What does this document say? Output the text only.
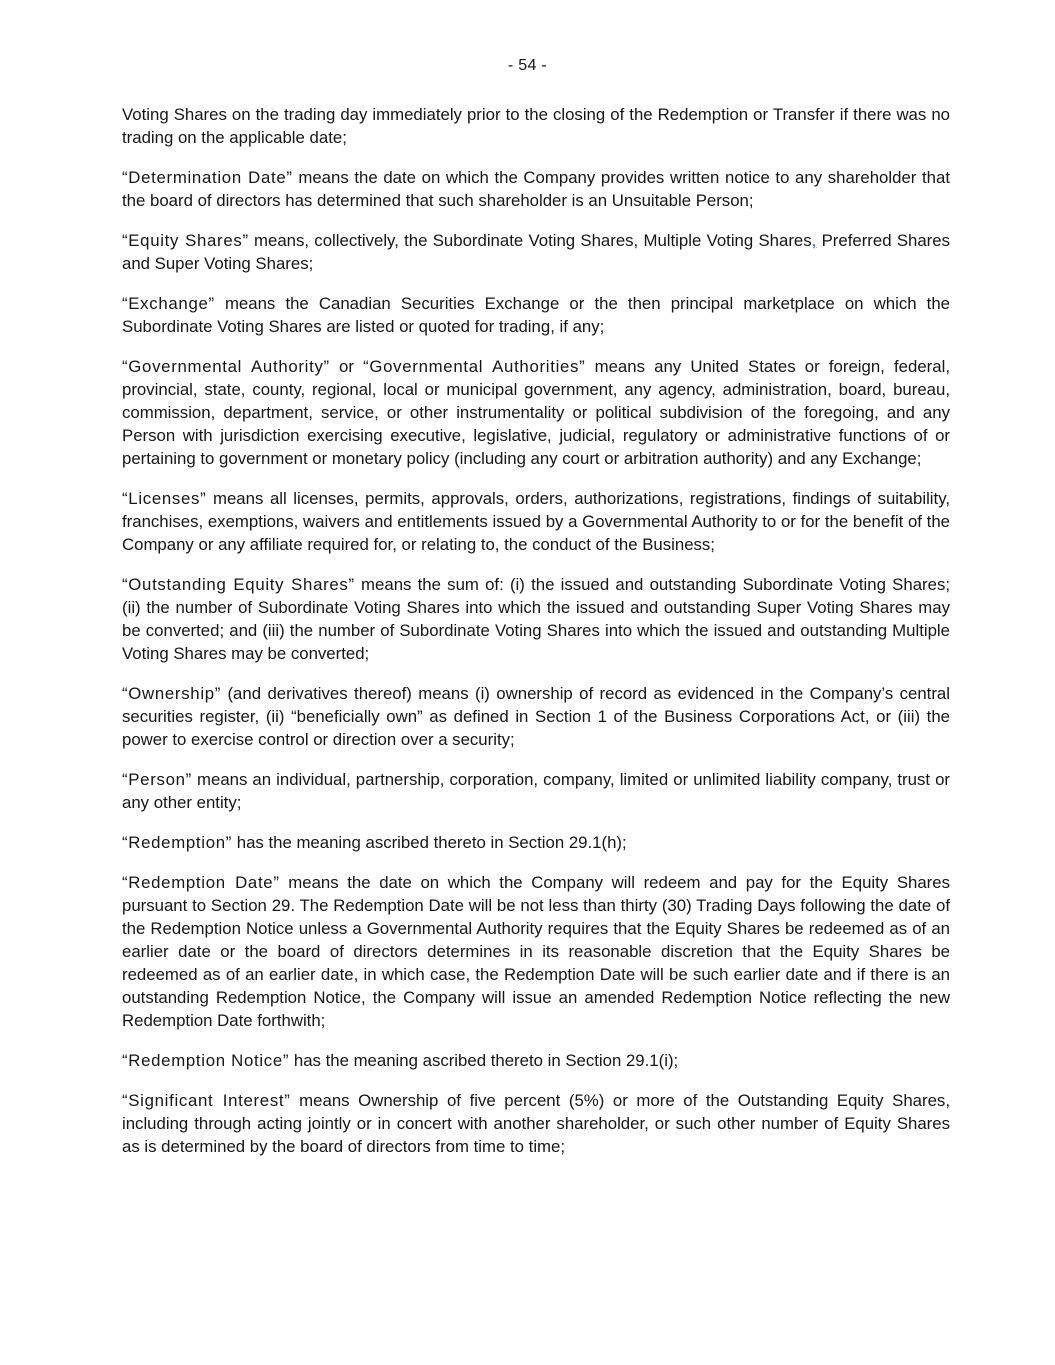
- 54 -

Voting Shares on the trading day immediately prior to the closing of the Redemption or Transfer if there was no trading on the applicable date;

“Determination Date” means the date on which the Company provides written notice to any shareholder that the board of directors has determined that such shareholder is an Unsuitable Person;

“Equity Shares” means, collectively, the Subordinate Voting Shares, Multiple Voting Shares, Preferred Shares and Super Voting Shares;

“Exchange” means the Canadian Securities Exchange or the then principal marketplace on which the Subordinate Voting Shares are listed or quoted for trading, if any;

“Governmental Authority” or “Governmental Authorities” means any United States or foreign, federal, provincial, state, county, regional, local or municipal government, any agency, administration, board, bureau, commission, department, service, or other instrumentality or political subdivision of the foregoing, and any Person with jurisdiction exercising executive, legislative, judicial, regulatory or administrative functions of or pertaining to government or monetary policy (including any court or arbitration authority) and any Exchange;

“Licenses” means all licenses, permits, approvals, orders, authorizations, registrations, findings of suitability, franchises, exemptions, waivers and entitlements issued by a Governmental Authority to or for the benefit of the Company or any affiliate required for, or relating to, the conduct of the Business;

“Outstanding Equity Shares” means the sum of: (i) the issued and outstanding Subordinate Voting Shares; (ii) the number of Subordinate Voting Shares into which the issued and outstanding Super Voting Shares may be converted; and (iii) the number of Subordinate Voting Shares into which the issued and outstanding Multiple Voting Shares may be converted;

“Ownership” (and derivatives thereof) means (i) ownership of record as evidenced in the Company’s central securities register, (ii) “beneficially own” as defined in Section 1 of the Business Corporations Act, or (iii) the power to exercise control or direction over a security;

“Person” means an individual, partnership, corporation, company, limited or unlimited liability company, trust or any other entity;

“Redemption” has the meaning ascribed thereto in Section 29.1(h);

“Redemption Date” means the date on which the Company will redeem and pay for the Equity Shares pursuant to Section 29. The Redemption Date will be not less than thirty (30) Trading Days following the date of the Redemption Notice unless a Governmental Authority requires that the Equity Shares be redeemed as of an earlier date or the board of directors determines in its reasonable discretion that the Equity Shares be redeemed as of an earlier date, in which case, the Redemption Date will be such earlier date and if there is an outstanding Redemption Notice, the Company will issue an amended Redemption Notice reflecting the new Redemption Date forthwith;

“Redemption Notice” has the meaning ascribed thereto in Section 29.1(i);

“Significant Interest” means Ownership of five percent (5%) or more of the Outstanding Equity Shares, including through acting jointly or in concert with another shareholder, or such other number of Equity Shares as is determined by the board of directors from time to time;
